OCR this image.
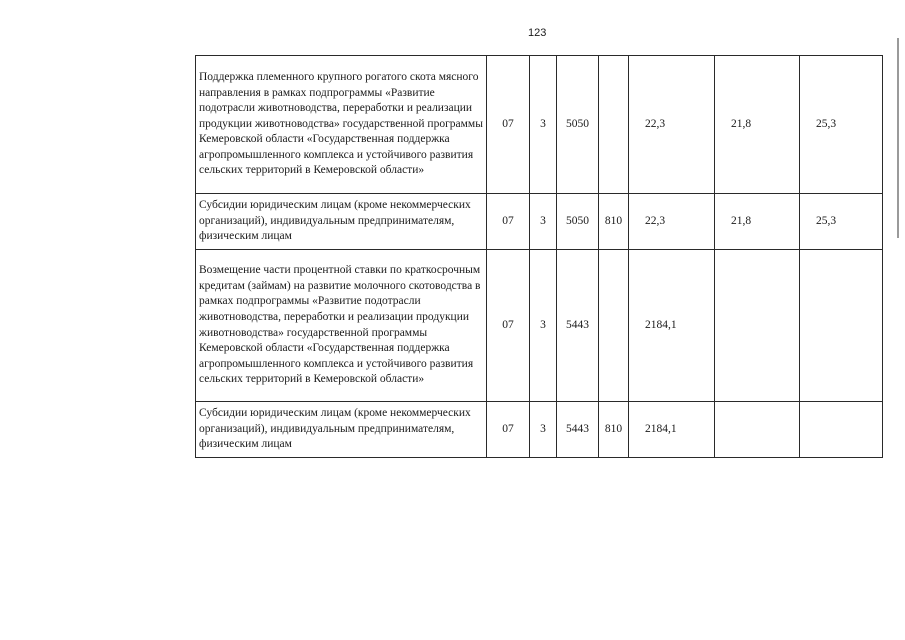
123
Поддержка племенного крупного рогатого скота мясного направления в рамках подпрограммы «Развитие подотрасли животноводства, переработки и реализации продукции животноводства» государственной программы Кемеровской области «Государственная поддержка агропромышленного комплекса и устойчивого развития сельских территорий в Кемеровской области»	07	3	5050		22,3	21,8	25,3
Субсидии юридическим лицам (кроме некоммерческих организаций), индивидуальным предпринимателям, физическим лицам	07	3	5050	810	22,3	21,8	25,3
Возмещение части процентной ставки по краткосрочным кредитам (займам) на развитие молочного скотоводства в рамках подпрограммы «Развитие подотрасли животноводства, переработки и реализации продукции животноводства» государственной программы Кемеровской области «Государственная поддержка агропромышленного комплекса и устойчивого развития сельских территорий в Кемеровской области»	07	3	5443		2184,1		
Субсидии юридическим лицам (кроме некоммерческих организаций), индивидуальным предпринимателям, физическим лицам	07	3	5443	810	2184,1		
